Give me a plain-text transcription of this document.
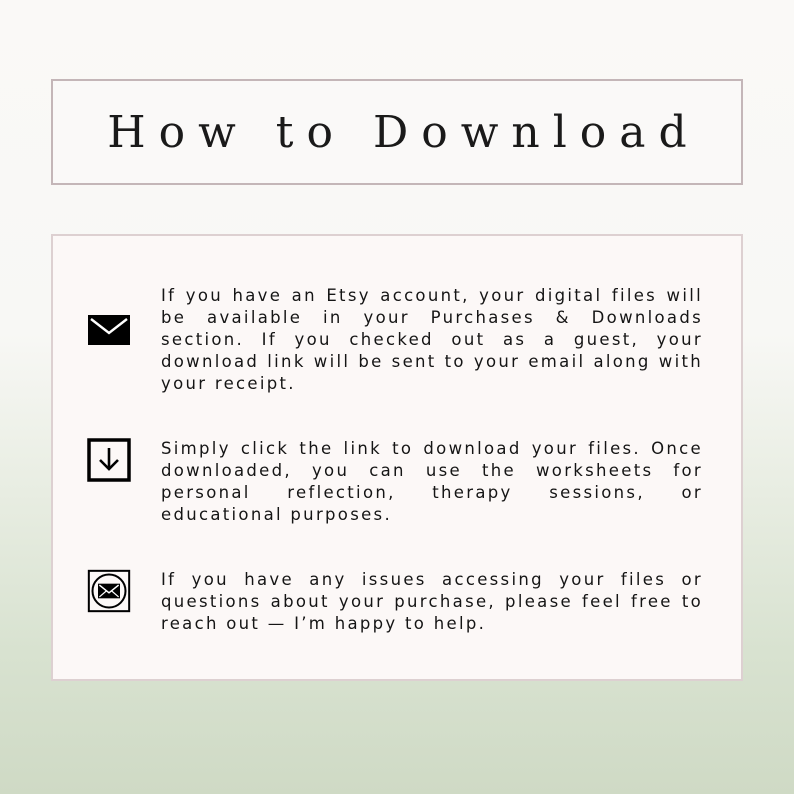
How to Download

If you have an Etsy account, your digital files will be available in your Purchases & Downloads section. If you checked out as a guest, your download link will be sent to your email along with your receipt.

Simply click the link to download your files. Once downloaded, you can use the worksheets for personal reflection, therapy sessions, or educational purposes.

If you have any issues accessing your files or questions about your purchase, please feel free to reach out — I’m happy to help.
